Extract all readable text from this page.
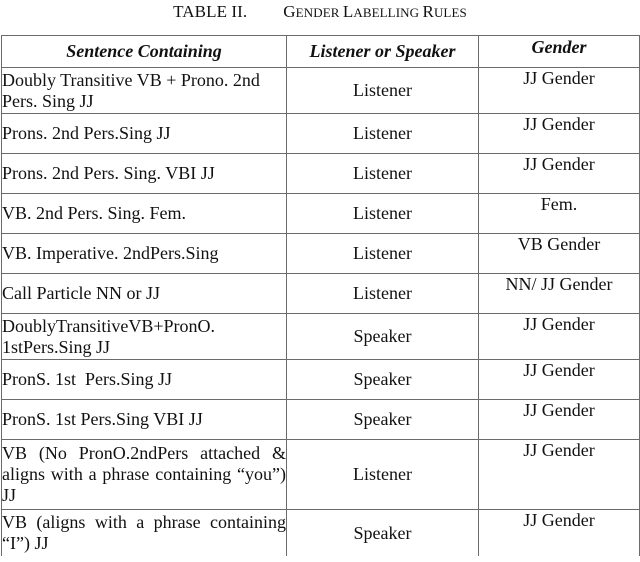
TABLE II. GENDER LABELLING RULES
Sentence Containing	Listener or Speaker	Gender
Doubly Transitive VB + Prono. 2nd Pers. Sing JJ	Listener	JJ Gender
Prons. 2nd Pers.Sing JJ	Listener	JJ Gender
Prons. 2nd Pers. Sing. VBI JJ	Listener	JJ Gender
VB. 2nd Pers. Sing. Fem.	Listener	Fem.
VB. Imperative. 2ndPers.Sing	Listener	VB Gender
Call Particle NN or JJ	Listener	NN/ JJ Gender
DoublyTransitiveVB+PronO. 1stPers.Sing JJ	Speaker	JJ Gender
PronS. 1st  Pers.Sing JJ	Speaker	JJ Gender
PronS. 1st Pers.Sing VBI JJ	Speaker	JJ Gender
VB (No PronO.2ndPers attached & aligns with a phrase containing “you”) JJ	Listener	JJ Gender
VB (aligns with a phrase containing “I”) JJ	Speaker	JJ Gender
